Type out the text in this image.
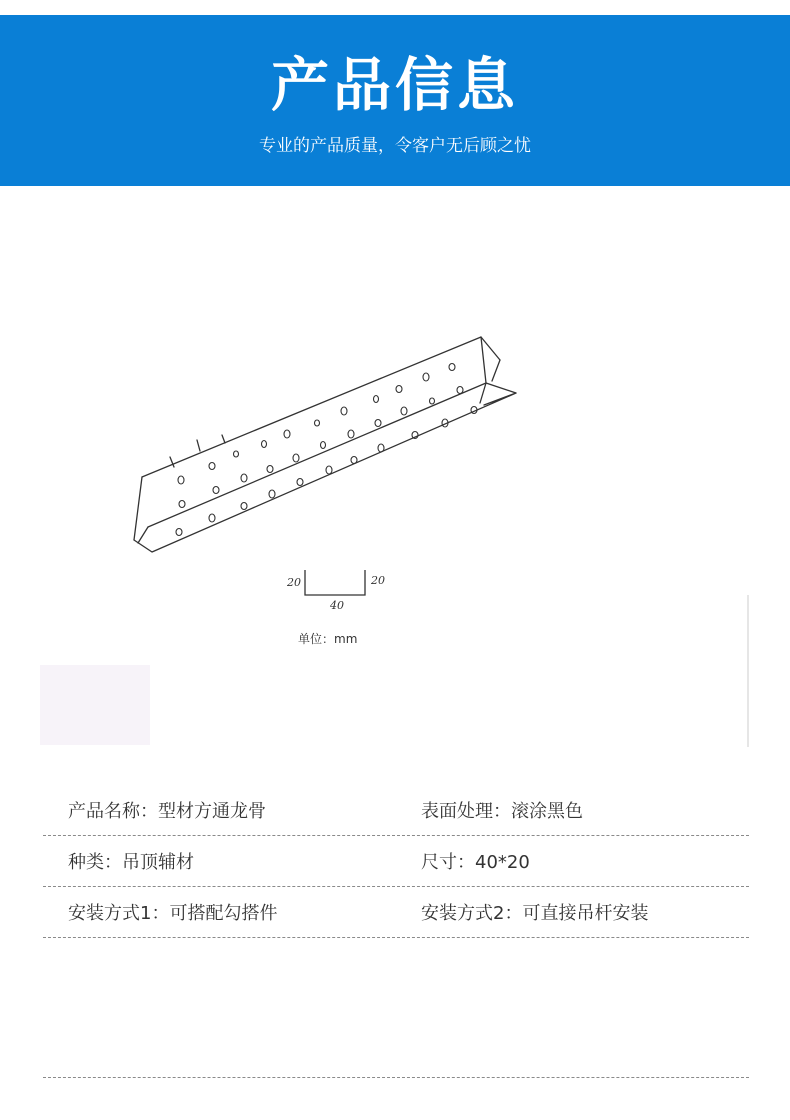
产品信息
专业的产品质量，令客户无后顾之忧
20	20
40
单位：mm
产品名称：型材方通龙骨	表面处理：滚涂黑色
种类：吊顶辅材	尺寸：40*20
安装方式1：可搭配勾搭件	安装方式2：可直接吊杆安装
